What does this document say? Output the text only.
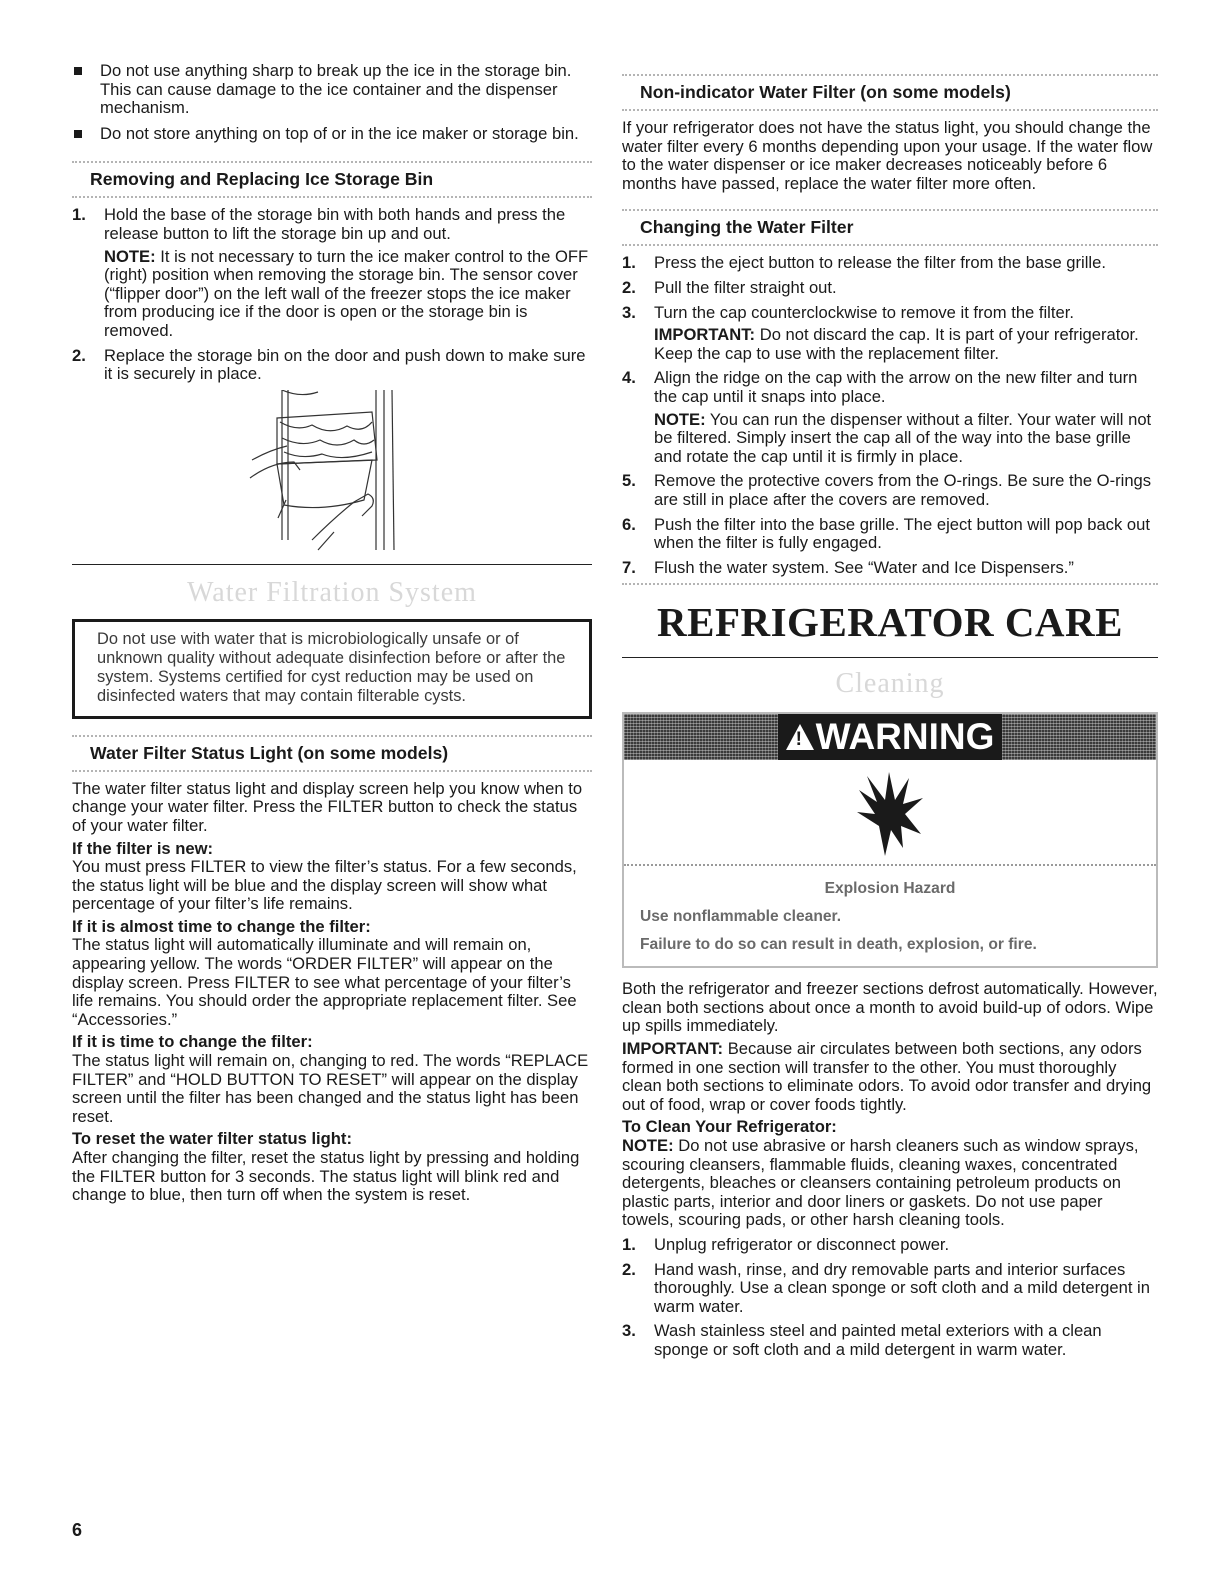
Do not use anything sharp to break up the ice in the storage bin. This can cause damage to the ice container and the dispenser mechanism.
Do not store anything on top of or in the ice maker or storage bin.
Removing and Replacing Ice Storage Bin
1. Hold the base of the storage bin with both hands and press the release button to lift the storage bin up and out.

NOTE: It is not necessary to turn the ice maker control to the OFF (right) position when removing the storage bin. The sensor cover (“flipper door”) on the left wall of the freezer stops the ice maker from producing ice if the door is open or the storage bin is removed.

2. Replace the storage bin on the door and push down to make sure it is securely in place.
Water Filtration System
Do not use with water that is microbiologically unsafe or of unknown quality without adequate disinfection before or after the system. Systems certified for cyst reduction may be used on disinfected waters that may contain filterable cysts.
Water Filter Status Light (on some models)

The water filter status light and display screen help you know when to change your water filter. Press the FILTER button to check the status of your water filter.

If the filter is new:

You must press FILTER to view the filter’s status. For a few seconds, the status light will be blue and the display screen will show what percentage of your filter’s life remains.

If it is almost time to change the filter:

The status light will automatically illuminate and will remain on, appearing yellow. The words “ORDER FILTER” will appear on the display screen. Press FILTER to see what percentage of your filter’s life remains. You should order the appropriate replacement filter. See “Accessories.”

If it is time to change the filter:

The status light will remain on, changing to red. The words “REPLACE FILTER” and “HOLD BUTTON TO RESET” will appear on the display screen until the filter has been changed and the status light has been reset.

To reset the water filter status light:

After changing the filter, reset the status light by pressing and holding the FILTER button for 3 seconds. The status light will blink red and change to blue, then turn off when the system is reset.

Non-indicator Water Filter (on some models)

If your refrigerator does not have the status light, you should change the water filter every 6 months depending upon your usage. If the water flow to the water dispenser or ice maker decreases noticeably before 6 months have passed, replace the water filter more often.

Changing the Water Filter
1. Press the eject button to release the filter from the base grille.
2. Pull the filter straight out.
3. Turn the cap counterclockwise to remove it from the filter.

IMPORTANT: Do not discard the cap. It is part of your refrigerator. Keep the cap to use with the replacement filter.

4. Align the ridge on the cap with the arrow on the new filter and turn the cap until it snaps into place.

NOTE: You can run the dispenser without a filter. Your water will not be filtered. Simply insert the cap all of the way into the base grille and rotate the cap until it is firmly in place.

5. Remove the protective covers from the O-rings. Be sure the O-rings are still in place after the covers are removed.
6. Push the filter into the base grille. The eject button will pop back out when the filter is fully engaged.
7. Flush the water system. See “Water and Ice Dispensers.”
REFRIGERATOR CARE
Cleaning
!WARNING
Explosion Hazard
Use nonflammable cleaner.
Failure to do so can result in death, explosion, or fire.

Both the refrigerator and freezer sections defrost automatically. However, clean both sections about once a month to avoid build-up of odors. Wipe up spills immediately.

IMPORTANT: Because air circulates between both sections, any odors formed in one section will transfer to the other. You must thoroughly clean both sections to eliminate odors. To avoid odor transfer and drying out of food, wrap or cover foods tightly.

To Clean Your Refrigerator:

NOTE: Do not use abrasive or harsh cleaners such as window sprays, scouring cleansers, flammable fluids, cleaning waxes, concentrated detergents, bleaches or cleansers containing petroleum products on plastic parts, interior and door liners or gaskets. Do not use paper towels, scouring pads, or other harsh cleaning tools.

1. Unplug refrigerator or disconnect power.
2. Hand wash, rinse, and dry removable parts and interior surfaces thoroughly. Use a clean sponge or soft cloth and a mild detergent in warm water.
3. Wash stainless steel and painted metal exteriors with a clean sponge or soft cloth and a mild detergent in warm water.
6
